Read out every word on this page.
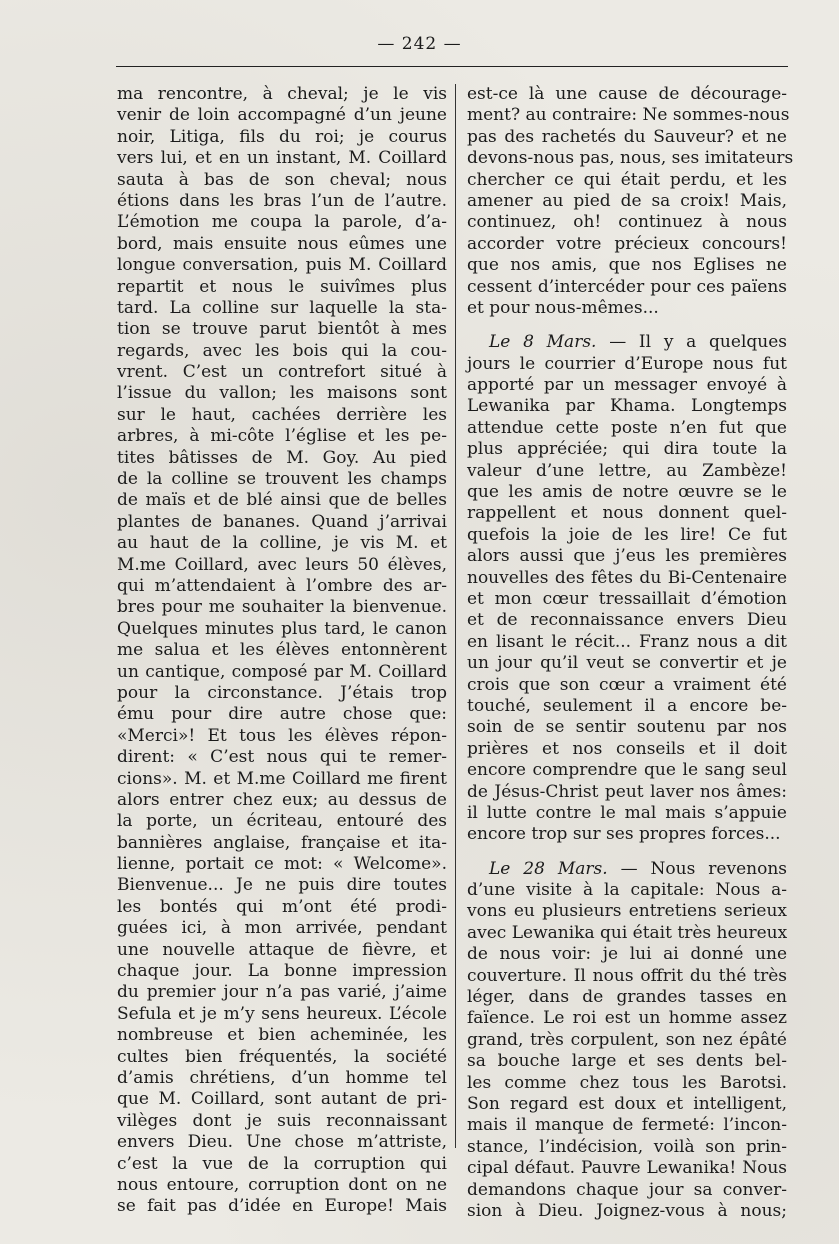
— 242 —
ma rencontre, à cheval; je le vis
venir de loin accompagné d’un jeune
noir, Litiga, fils du roi; je courus
vers lui, et en un instant, M. Coillard
sauta à bas de son cheval; nous
étions dans les bras l’un de l’autre.
L’émotion me coupa la parole, d’a-
bord, mais ensuite nous eûmes une
longue conversation, puis M. Coillard
repartit et nous le suivîmes plus
tard. La colline sur laquelle la sta-
tion se trouve parut bientôt à mes
regards, avec les bois qui la cou-
vrent. C’est un contrefort situé à
l’issue du vallon; les maisons sont
sur le haut, cachées derrière les
arbres, à mi-côte l’église et les pe-
tites bâtisses de M. Goy. Au pied
de la colline se trouvent les champs
de maïs et de blé ainsi que de belles
plantes de bananes. Quand j’arrivai
au haut de la colline, je vis M. et
M.me Coillard, avec leurs 50 élèves,
qui m’attendaient à l’ombre des ar-
bres pour me souhaiter la bienvenue.
Quelques minutes plus tard, le canon
me salua et les élèves entonnèrent
un cantique, composé par M. Coillard
pour la circonstance. J’étais trop
ému pour dire autre chose que:
«Merci»! Et tous les élèves répon-
dirent: « C’est nous qui te remer-
cions». M. et M.me Coillard me firent
alors entrer chez eux; au dessus de
la porte, un écriteau, entouré des
bannières anglaise, française et ita-
lienne, portait ce mot: « Welcome».
Bienvenue... Je ne puis dire toutes
les bontés qui m’ont été prodi-
guées ici, à mon arrivée, pendant
une nouvelle attaque de fièvre, et
chaque jour. La bonne impression
du premier jour n’a pas varié, j’aime
Sefula et je m’y sens heureux. L’école
nombreuse et bien acheminée, les
cultes bien fréquentés, la société
d’amis chrétiens, d’un homme tel
que M. Coillard, sont autant de pri-
vilèges dont je suis reconnaissant
envers Dieu. Une chose m’attriste,
c’est la vue de la corruption qui
nous entoure, corruption dont on ne
se fait pas d’idée en Europe! Mais
est-ce là une cause de décourage-
ment? au contraire: Ne sommes-nous
pas des rachetés du Sauveur? et ne
devons-nous pas, nous, ses imitateurs
chercher ce qui était perdu, et les
amener au pied de sa croix! Mais,
continuez, oh! continuez à nous
accorder votre précieux concours!
que nos amis, que nos Eglises ne
cessent d’intercéder pour ces païens
et pour nous-mêmes...
Le 8 Mars. — Il y a quelques
jours le courrier d’Europe nous fut
apporté par un messager envoyé à
Lewanika par Khama. Longtemps
attendue cette poste n’en fut que
plus appréciée; qui dira toute la
valeur d’une lettre, au Zambèze!
que les amis de notre œuvre se le
rappellent et nous donnent quel-
quefois la joie de les lire! Ce fut
alors aussi que j’eus les premières
nouvelles des fêtes du Bi-Centenaire
et mon cœur tressaillait d’émotion
et de reconnaissance envers Dieu
en lisant le récit... Franz nous a dit
un jour qu’il veut se convertir et je
crois que son cœur a vraiment été
touché, seulement il a encore be-
soin de se sentir soutenu par nos
prières et nos conseils et il doit
encore comprendre que le sang seul
de Jésus-Christ peut laver nos âmes:
il lutte contre le mal mais s’appuie
encore trop sur ses propres forces...
Le 28 Mars. — Nous revenons
d’une visite à la capitale: Nous a-
vons eu plusieurs entretiens serieux
avec Lewanika qui était très heureux
de nous voir: je lui ai donné une
couverture. Il nous offrit du thé très
léger, dans de grandes tasses en
faïence. Le roi est un homme assez
grand, très corpulent, son nez épâté
sa bouche large et ses dents bel-
les comme chez tous les Barotsi.
Son regard est doux et intelligent,
mais il manque de fermeté: l’incon-
stance, l’indécision, voilà son prin-
cipal défaut. Pauvre Lewanika! Nous
demandons chaque jour sa conver-
sion à Dieu. Joignez-vous à nous;
